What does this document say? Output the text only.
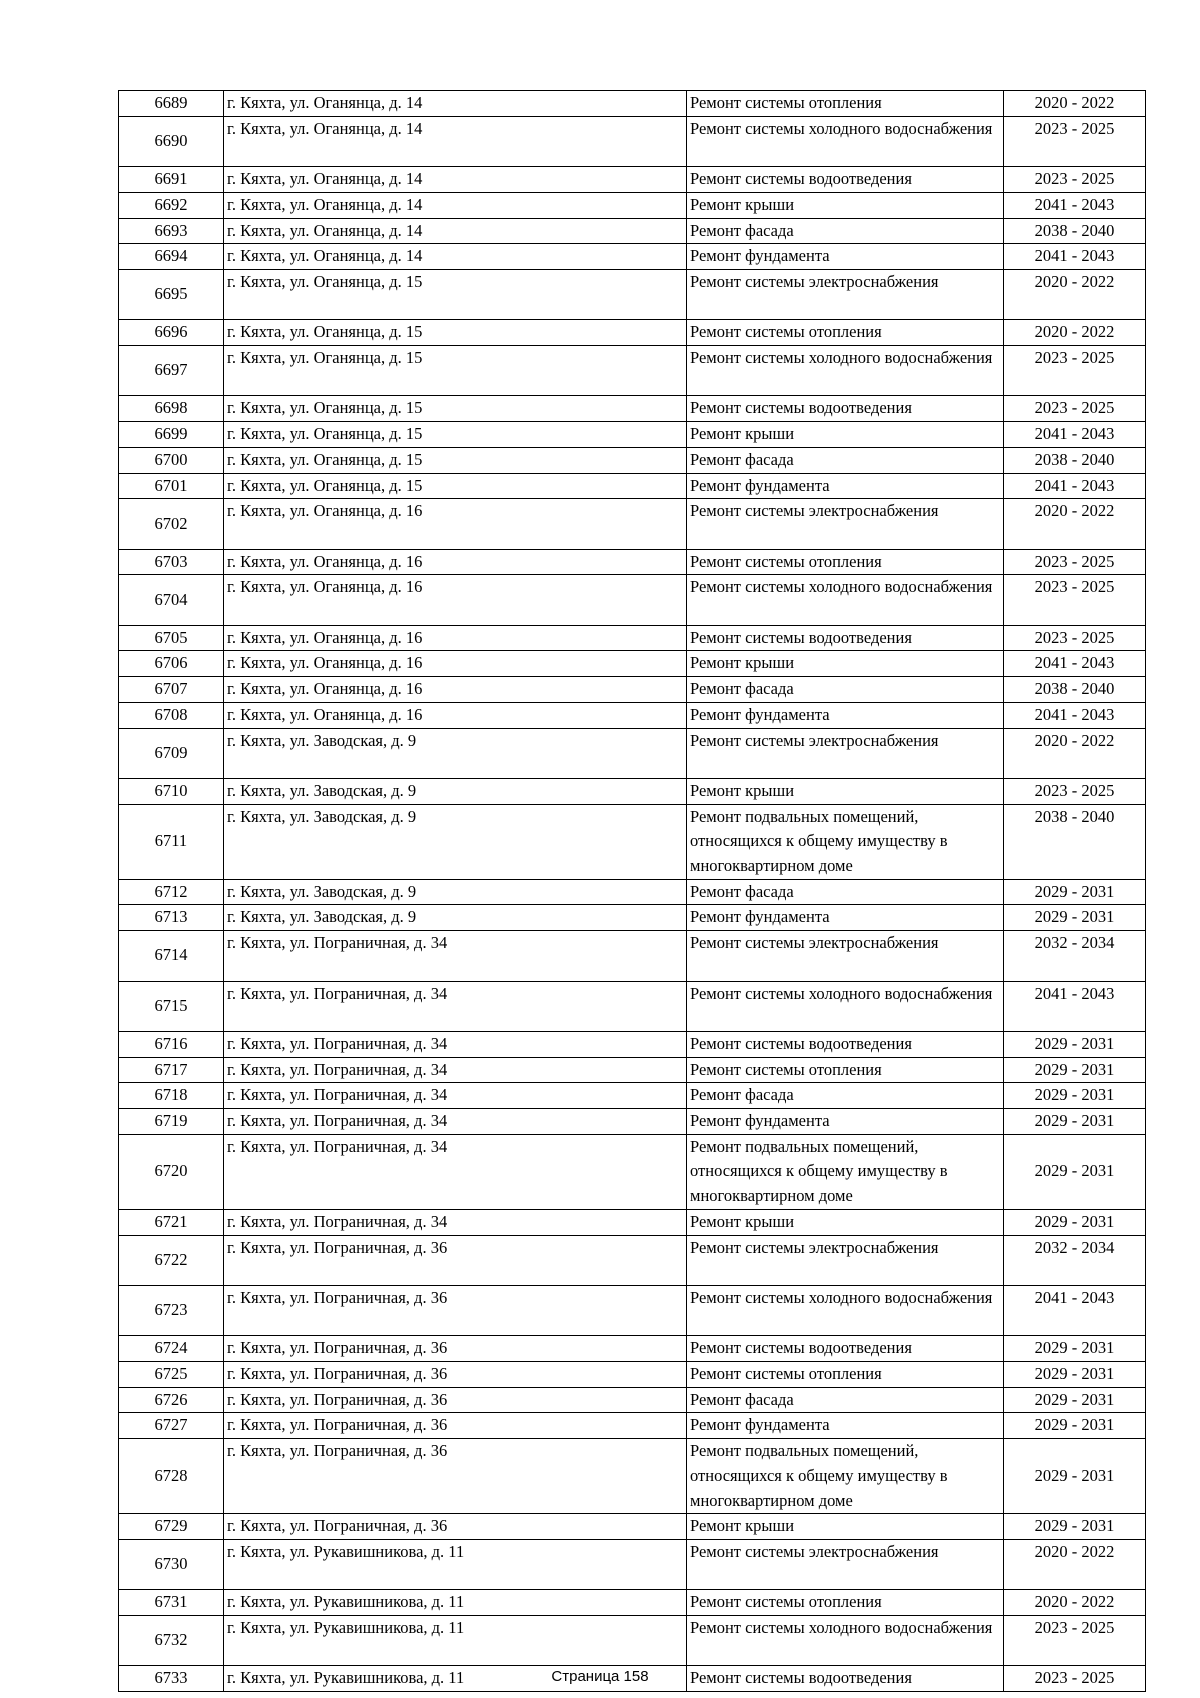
6689	г. Кяхта, ул. Оганянца, д. 14	Ремонт системы отопления	2020 - 2022
6690	г. Кяхта, ул. Оганянца, д. 14	Ремонт системы холодного водоснабжения	2023 - 2025
6691	г. Кяхта, ул. Оганянца, д. 14	Ремонт системы водоотведения	2023 - 2025
6692	г. Кяхта, ул. Оганянца, д. 14	Ремонт крыши	2041 - 2043
6693	г. Кяхта, ул. Оганянца, д. 14	Ремонт фасада	2038 - 2040
6694	г. Кяхта, ул. Оганянца, д. 14	Ремонт фундамента	2041 - 2043
6695	г. Кяхта, ул. Оганянца, д. 15	Ремонт системы электроснабжения	2020 - 2022
6696	г. Кяхта, ул. Оганянца, д. 15	Ремонт системы отопления	2020 - 2022
6697	г. Кяхта, ул. Оганянца, д. 15	Ремонт системы холодного водоснабжения	2023 - 2025
6698	г. Кяхта, ул. Оганянца, д. 15	Ремонт системы водоотведения	2023 - 2025
6699	г. Кяхта, ул. Оганянца, д. 15	Ремонт крыши	2041 - 2043
6700	г. Кяхта, ул. Оганянца, д. 15	Ремонт фасада	2038 - 2040
6701	г. Кяхта, ул. Оганянца, д. 15	Ремонт фундамента	2041 - 2043
6702	г. Кяхта, ул. Оганянца, д. 16	Ремонт системы электроснабжения	2020 - 2022
6703	г. Кяхта, ул. Оганянца, д. 16	Ремонт системы отопления	2023 - 2025
6704	г. Кяхта, ул. Оганянца, д. 16	Ремонт системы холодного водоснабжения	2023 - 2025
6705	г. Кяхта, ул. Оганянца, д. 16	Ремонт системы водоотведения	2023 - 2025
6706	г. Кяхта, ул. Оганянца, д. 16	Ремонт крыши	2041 - 2043
6707	г. Кяхта, ул. Оганянца, д. 16	Ремонт фасада	2038 - 2040
6708	г. Кяхта, ул. Оганянца, д. 16	Ремонт фундамента	2041 - 2043
6709	г. Кяхта, ул. Заводская, д. 9	Ремонт системы электроснабжения	2020 - 2022
6710	г. Кяхта, ул. Заводская, д. 9	Ремонт крыши	2023 - 2025
6711	г. Кяхта, ул. Заводская, д. 9	Ремонт подвальных помещений, относящихся к общему имуществу в многоквартирном доме	2038 - 2040
6712	г. Кяхта, ул. Заводская, д. 9	Ремонт фасада	2029 - 2031
6713	г. Кяхта, ул. Заводская, д. 9	Ремонт фундамента	2029 - 2031
6714	г. Кяхта, ул. Пограничная, д. 34	Ремонт системы электроснабжения	2032 - 2034
6715	г. Кяхта, ул. Пограничная, д. 34	Ремонт системы холодного водоснабжения	2041 - 2043
6716	г. Кяхта, ул. Пограничная, д. 34	Ремонт системы водоотведения	2029 - 2031
6717	г. Кяхта, ул. Пограничная, д. 34	Ремонт системы отопления	2029 - 2031
6718	г. Кяхта, ул. Пограничная, д. 34	Ремонт фасада	2029 - 2031
6719	г. Кяхта, ул. Пограничная, д. 34	Ремонт фундамента	2029 - 2031
6720	г. Кяхта, ул. Пограничная, д. 34	Ремонт подвальных помещений, относящихся к общему имуществу в многоквартирном доме	2029 - 2031
6721	г. Кяхта, ул. Пограничная, д. 34	Ремонт крыши	2029 - 2031
6722	г. Кяхта, ул. Пограничная, д. 36	Ремонт системы электроснабжения	2032 - 2034
6723	г. Кяхта, ул. Пограничная, д. 36	Ремонт системы холодного водоснабжения	2041 - 2043
6724	г. Кяхта, ул. Пограничная, д. 36	Ремонт системы водоотведения	2029 - 2031
6725	г. Кяхта, ул. Пограничная, д. 36	Ремонт системы отопления	2029 - 2031
6726	г. Кяхта, ул. Пограничная, д. 36	Ремонт фасада	2029 - 2031
6727	г. Кяхта, ул. Пограничная, д. 36	Ремонт фундамента	2029 - 2031
6728	г. Кяхта, ул. Пограничная, д. 36	Ремонт подвальных помещений, относящихся к общему имуществу в многоквартирном доме	2029 - 2031
6729	г. Кяхта, ул. Пограничная, д. 36	Ремонт крыши	2029 - 2031
6730	г. Кяхта, ул. Рукавишникова, д. 11	Ремонт системы электроснабжения	2020 - 2022
6731	г. Кяхта, ул. Рукавишникова, д. 11	Ремонт системы отопления	2020 - 2022
6732	г. Кяхта, ул. Рукавишникова, д. 11	Ремонт системы холодного водоснабжения	2023 - 2025
6733	г. Кяхта, ул. Рукавишникова, д. 11	Ремонт системы водоотведения	2023 - 2025
Страница 158
